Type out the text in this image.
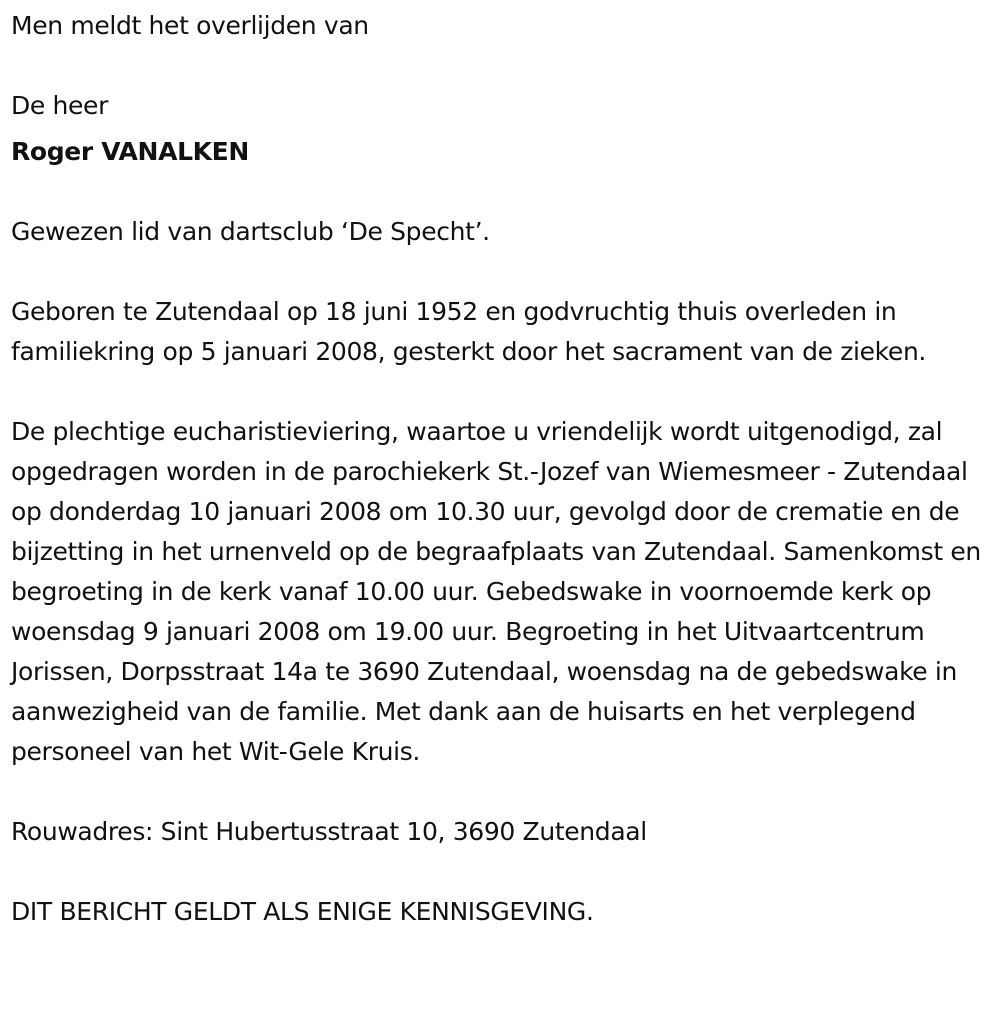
Men meldt het overlijden van

De heer

Roger VANALKEN

Gewezen lid van dartsclub ‘De Specht’.

Geboren te Zutendaal op 18 juni 1952 en godvruchtig thuis overleden in familiekring op 5 januari 2008, gesterkt door het sacrament van de zieken.

De plechtige eucharistieviering, waartoe u vriendelijk wordt uitgenodigd, zal opgedragen worden in de parochiekerk St.-Jozef van Wiemesmeer - Zutendaal op donderdag 10 januari 2008 om 10.30 uur, gevolgd door de crematie en de bijzetting in het urnenveld op de begraafplaats van Zutendaal. Samenkomst en begroeting in de kerk vanaf 10.00 uur. Gebedswake in voornoemde kerk op woensdag 9 januari 2008 om 19.00 uur. Begroeting in het Uitvaartcentrum Jorissen, Dorpsstraat 14a te 3690 Zutendaal, woensdag na de gebedswake in aanwezigheid van de familie. Met dank aan de huisarts en het verplegend personeel van het Wit-Gele Kruis.

Rouwadres: Sint Hubertusstraat 10, 3690 Zutendaal

DIT BERICHT GELDT ALS ENIGE KENNISGEVING.
